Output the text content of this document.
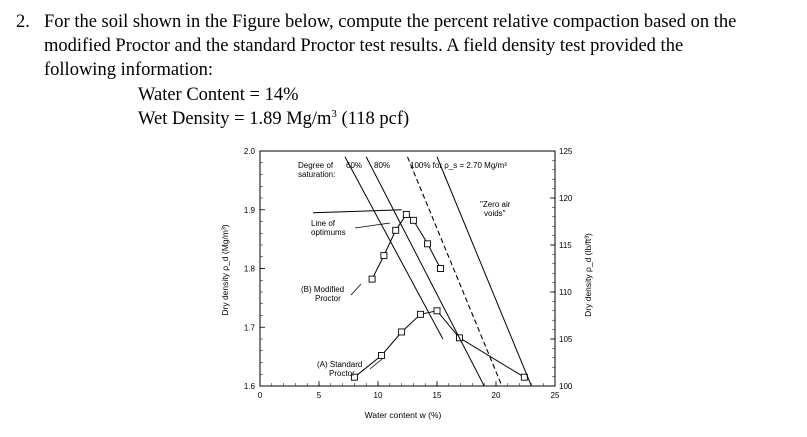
2. For the soil shown in the Figure below, compute the percent relative compaction based on the
modified Proctor and the standard Proctor test results. A field density test provided the
following information:
Water Content = 14%
Wet Density = 1.89 $Mg/m^3$ (118 pcf)
1.6
1.7
1.8
1.9
2.0
100
105
110
115
120
125
0	5	10	15	20	25
Dry density ρ_d (Mg/m³)	Dry density ρ_d (lb/ft³)
Water content w (%)
Degree of
saturation:
60% 80% 100% for ρ_s = 2.70 Mg/m³
"Zero air
voids"
Line of
optimums
(B) Modified
Proctor
(A) Standard
Proctor
